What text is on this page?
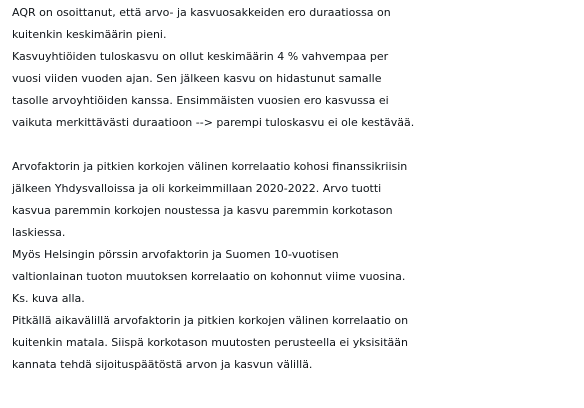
AQR on osoittanut, että arvo- ja kasvuosakkeiden ero duraatiossa on
kuitenkin keskimäärin pieni.
Kasvuyhtiöiden tuloskasvu on ollut keskimäärin 4 % vahvempaa per
vuosi viiden vuoden ajan. Sen jälkeen kasvu on hidastunut samalle
tasolle arvoyhtiöiden kanssa. Ensimmäisten vuosien ero kasvussa ei
vaikuta merkittävästi duraatioon --> parempi tuloskasvu ei ole kestävää.
Arvofaktorin ja pitkien korkojen välinen korrelaatio kohosi finanssikriisin
jälkeen Yhdysvalloissa ja oli korkeimmillaan 2020-2022. Arvo tuotti
kasvua paremmin korkojen noustessa ja kasvu paremmin korkotason
laskiessa.
Myös Helsingin pörssin arvofaktorin ja Suomen 10-vuotisen
valtionlainan tuoton muutoksen korrelaatio on kohonnut viime vuosina.
Ks. kuva alla.
Pitkällä aikavälillä arvofaktorin ja pitkien korkojen välinen korrelaatio on
kuitenkin matala. Siispä korkotason muutosten perusteella ei yksisitään
kannata tehdä sijoituspäätöstä arvon ja kasvun välillä.
